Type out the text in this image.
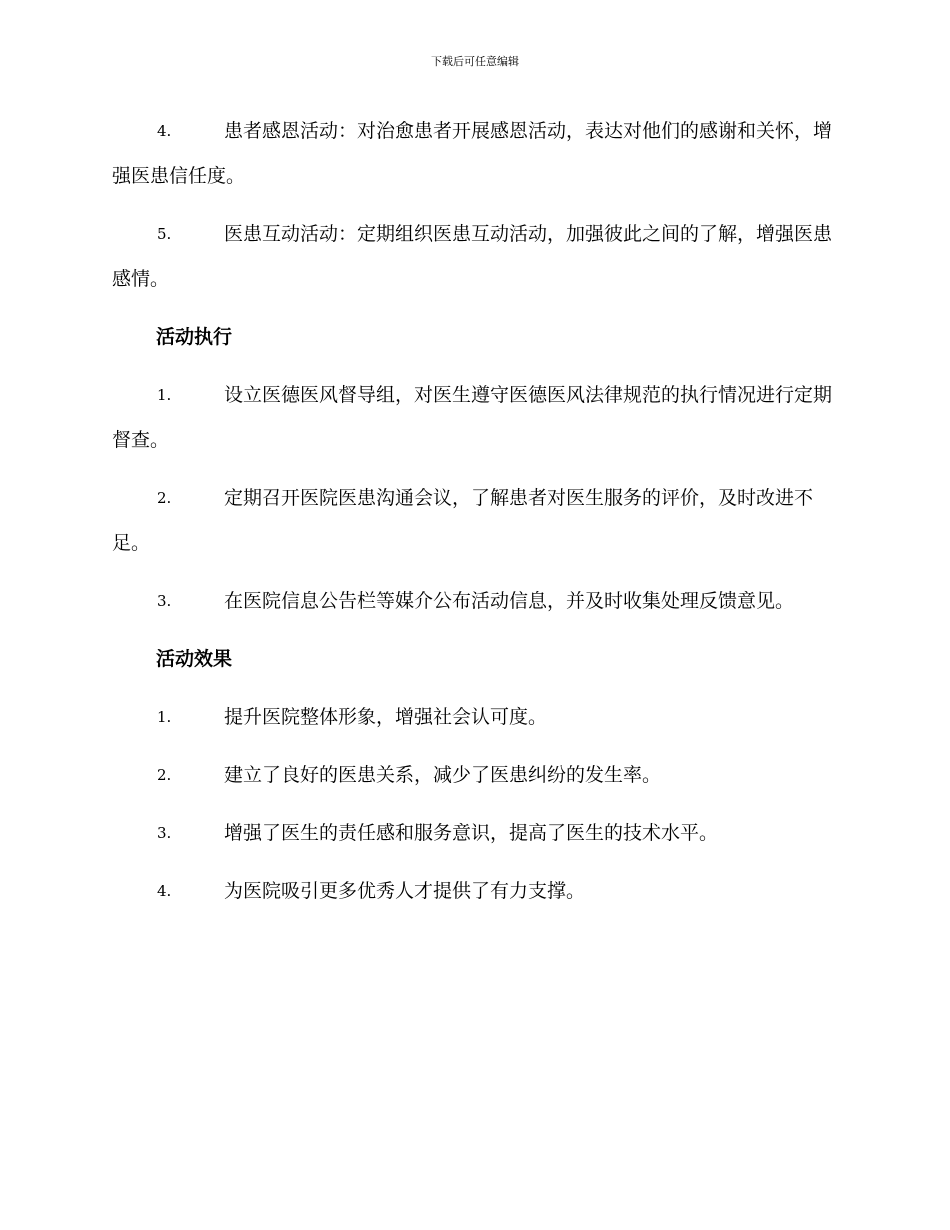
下载后可任意编辑

4.	患者感恩活动：对治愈患者开展感恩活动，表达对他们的感谢和关怀，增强医患信任度。

5.	医患互动活动：定期组织医患互动活动，加强彼此之间的了解，增强医患感情。

活动执行

1.	设立医德医风督导组，对医生遵守医德医风法律规范的执行情况进行定期督查。

2.	定期召开医院医患沟通会议，了解患者对医生服务的评价，及时改进不足。

3.	在医院信息公告栏等媒介公布活动信息，并及时收集处理反馈意见。

活动效果

1.	提升医院整体形象，增强社会认可度。

2.	建立了良好的医患关系，减少了医患纠纷的发生率。

3.	增强了医生的责任感和服务意识，提高了医生的技术水平。

4.	为医院吸引更多优秀人才提供了有力支撑。
